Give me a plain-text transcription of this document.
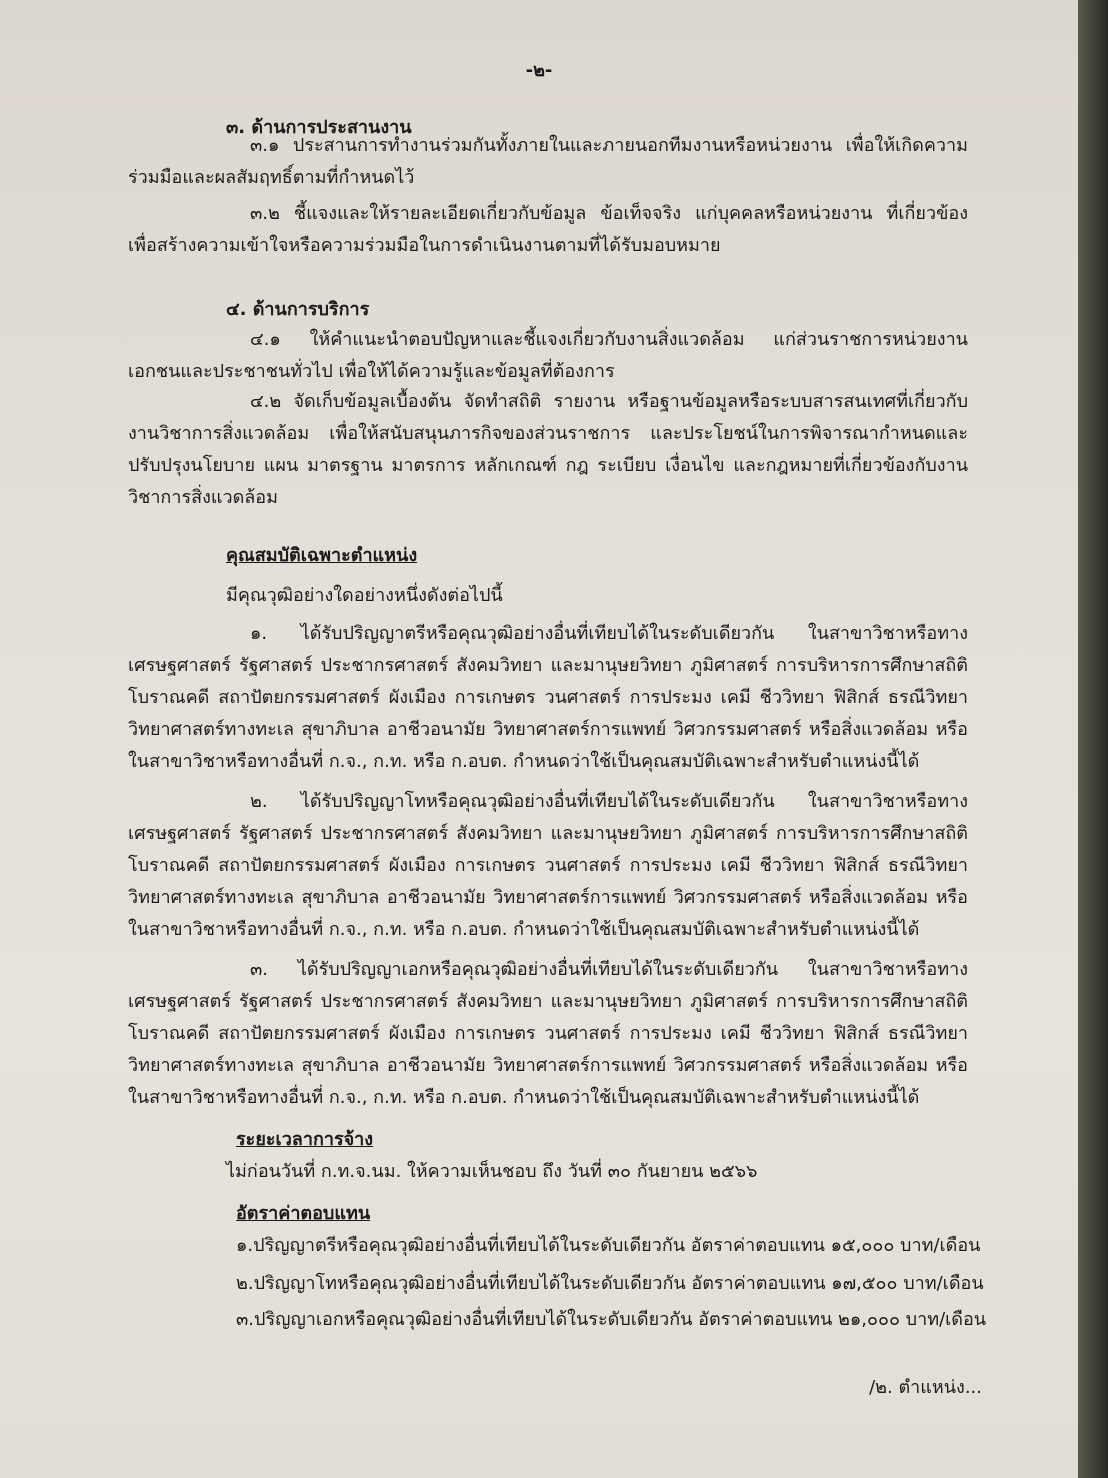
-๒-
๓. ด้านการประสานงาน
๓.๑ ประสานการทำงานร่วมกันทั้งภายในและภายนอกทีมงานหรือหน่วยงาน เพื่อให้เกิดความร่วมมือและผลสัมฤทธิ์ตามที่กำหนดไว้
๓.๒ ชี้แจงและให้รายละเอียดเกี่ยวกับข้อมูล ข้อเท็จจริง แก่บุคคลหรือหน่วยงาน ที่เกี่ยวข้อง เพื่อสร้างความเข้าใจหรือความร่วมมือในการดำเนินงานตามที่ได้รับมอบหมาย
๔. ด้านการบริการ
๔.๑ ให้คำแนะนำตอบปัญหาและชี้แจงเกี่ยวกับงานสิ่งแวดล้อม แก่ส่วนราชการหน่วยงานเอกชนและประชาชนทั่วไป เพื่อให้ได้ความรู้และข้อมูลที่ต้องการ
๔.๒ จัดเก็บข้อมูลเบื้องต้น จัดทำสถิติ รายงาน หรือฐานข้อมูลหรือระบบสารสนเทศที่เกี่ยวกับงานวิชาการสิ่งแวดล้อม เพื่อให้สนับสนุนภารกิจของส่วนราชการ และประโยชน์ในการพิจารณากำหนดและปรับปรุงนโยบาย แผน มาตรฐาน มาตรการ หลักเกณฑ์ กฎ ระเบียบ เงื่อนไข และกฎหมายที่เกี่ยวข้องกับงานวิชาการสิ่งแวดล้อม
คุณสมบัติเฉพาะตำแหน่ง
มีคุณวุฒิอย่างใดอย่างหนึ่งดังต่อไปนี้
๑. ได้รับปริญญาตรีหรือคุณวุฒิอย่างอื่นที่เทียบได้ในระดับเดียวกัน ในสาขาวิชาหรือทางเศรษฐศาสตร์ รัฐศาสตร์ ประชากรศาสตร์ สังคมวิทยา และมานุษยวิทยา ภูมิศาสตร์ การบริหารการศึกษาสถิติ โบราณคดี สถาปัตยกรรมศาสตร์ ผังเมือง การเกษตร วนศาสตร์ การประมง เคมี ชีววิทยา ฟิสิกส์ ธรณีวิทยา วิทยาศาสตร์ทางทะเล สุขาภิบาล อาชีวอนามัย วิทยาศาสตร์การแพทย์ วิศวกรรมศาสตร์ หรือสิ่งแวดล้อม หรือในสาขาวิชาหรือทางอื่นที่ ก.จ., ก.ท. หรือ ก.อบต. กำหนดว่าใช้เป็นคุณสมบัติเฉพาะสำหรับตำแหน่งนี้ได้
๒. ได้รับปริญญาโทหรือคุณวุฒิอย่างอื่นที่เทียบได้ในระดับเดียวกัน ในสาขาวิชาหรือทางเศรษฐศาสตร์ รัฐศาสตร์ ประชากรศาสตร์ สังคมวิทยา และมานุษยวิทยา ภูมิศาสตร์ การบริหารการศึกษาสถิติ โบราณคดี สถาปัตยกรรมศาสตร์ ผังเมือง การเกษตร วนศาสตร์ การประมง เคมี ชีววิทยา ฟิสิกส์ ธรณีวิทยา วิทยาศาสตร์ทางทะเล สุขาภิบาล อาชีวอนามัย วิทยาศาสตร์การแพทย์ วิศวกรรมศาสตร์ หรือสิ่งแวดล้อม หรือในสาขาวิชาหรือทางอื่นที่ ก.จ., ก.ท. หรือ ก.อบต. กำหนดว่าใช้เป็นคุณสมบัติเฉพาะสำหรับตำแหน่งนี้ได้
๓. ได้รับปริญญาเอกหรือคุณวุฒิอย่างอื่นที่เทียบได้ในระดับเดียวกัน ในสาขาวิชาหรือทางเศรษฐศาสตร์ รัฐศาสตร์ ประชากรศาสตร์ สังคมวิทยา และมานุษยวิทยา ภูมิศาสตร์ การบริหารการศึกษาสถิติ โบราณคดี สถาปัตยกรรมศาสตร์ ผังเมือง การเกษตร วนศาสตร์ การประมง เคมี ชีววิทยา ฟิสิกส์ ธรณีวิทยา วิทยาศาสตร์ทางทะเล สุขาภิบาล อาชีวอนามัย วิทยาศาสตร์การแพทย์ วิศวกรรมศาสตร์ หรือสิ่งแวดล้อม หรือในสาขาวิชาหรือทางอื่นที่ ก.จ., ก.ท. หรือ ก.อบต. กำหนดว่าใช้เป็นคุณสมบัติเฉพาะสำหรับตำแหน่งนี้ได้
ระยะเวลาการจ้าง
ไม่ก่อนวันที่ ก.ท.จ.นม. ให้ความเห็นชอบ ถึง วันที่ ๓๐ กันยายน ๒๕๖๖
อัตราค่าตอบแทน
๑.ปริญญาตรีหรือคุณวุฒิอย่างอื่นที่เทียบได้ในระดับเดียวกัน อัตราค่าตอบแทน ๑๕,๐๐๐ บาท/เดือน
๒.ปริญญาโทหรือคุณวุฒิอย่างอื่นที่เทียบได้ในระดับเดียวกัน อัตราค่าตอบแทน ๑๗,๕๐๐ บาท/เดือน
๓.ปริญญาเอกหรือคุณวุฒิอย่างอื่นที่เทียบได้ในระดับเดียวกัน อัตราค่าตอบแทน ๒๑,๐๐๐ บาท/เดือน
/๒. ตำแหน่ง...
